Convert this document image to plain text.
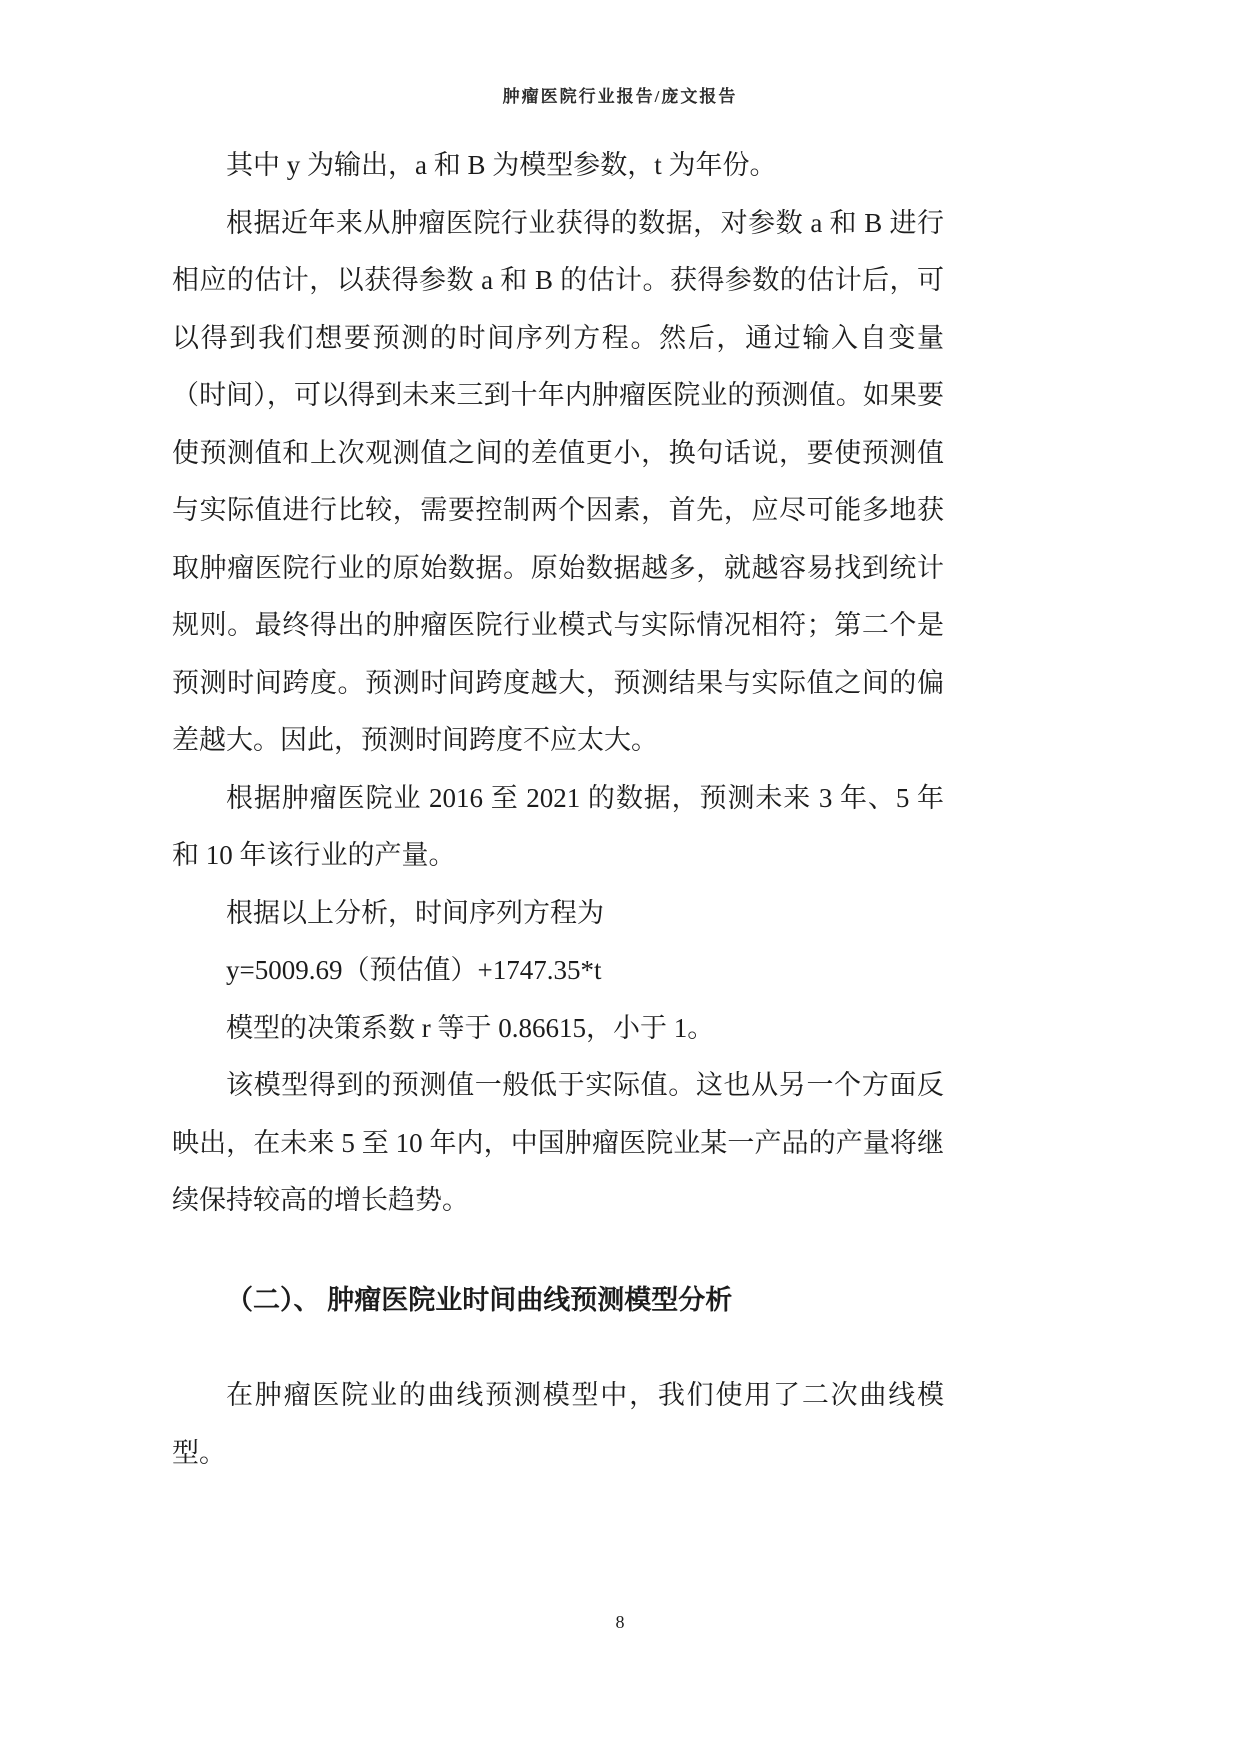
肿瘤医院行业报告/庞文报告

其中 y 为输出，a 和 B 为模型参数，t 为年份。

根据近年来从肿瘤医院行业获得的数据，对参数 a 和 B 进行相应的估计，以获得参数 a 和 B 的估计。获得参数的估计后，可以得到我们想要预测的时间序列方程。然后，通过输入自变量（时间），可以得到未来三到十年内肿瘤医院业的预测值。如果要使预测值和上次观测值之间的差值更小，换句话说，要使预测值与实际值进行比较，需要控制两个因素，首先，应尽可能多地获取肿瘤医院行业的原始数据。原始数据越多，就越容易找到统计规则。最终得出的肿瘤医院行业模式与实际情况相符；第二个是预测时间跨度。预测时间跨度越大，预测结果与实际值之间的偏差越大。因此，预测时间跨度不应太大。

根据肿瘤医院业 2016 至 2021 的数据，预测未来 3 年、5 年和 10 年该行业的产量。

根据以上分析，时间序列方程为

y=5009.69（预估值）+1747.35*t

模型的决策系数 r 等于 0.86615，小于 1。

该模型得到的预测值一般低于实际值。这也从另一个方面反映出，在未来 5 至 10 年内，中国肿瘤医院业某一产品的产量将继续保持较高的增长趋势。

（二）、 肿瘤医院业时间曲线预测模型分析

在肿瘤医院业的曲线预测模型中，我们使用了二次曲线模型。

8
